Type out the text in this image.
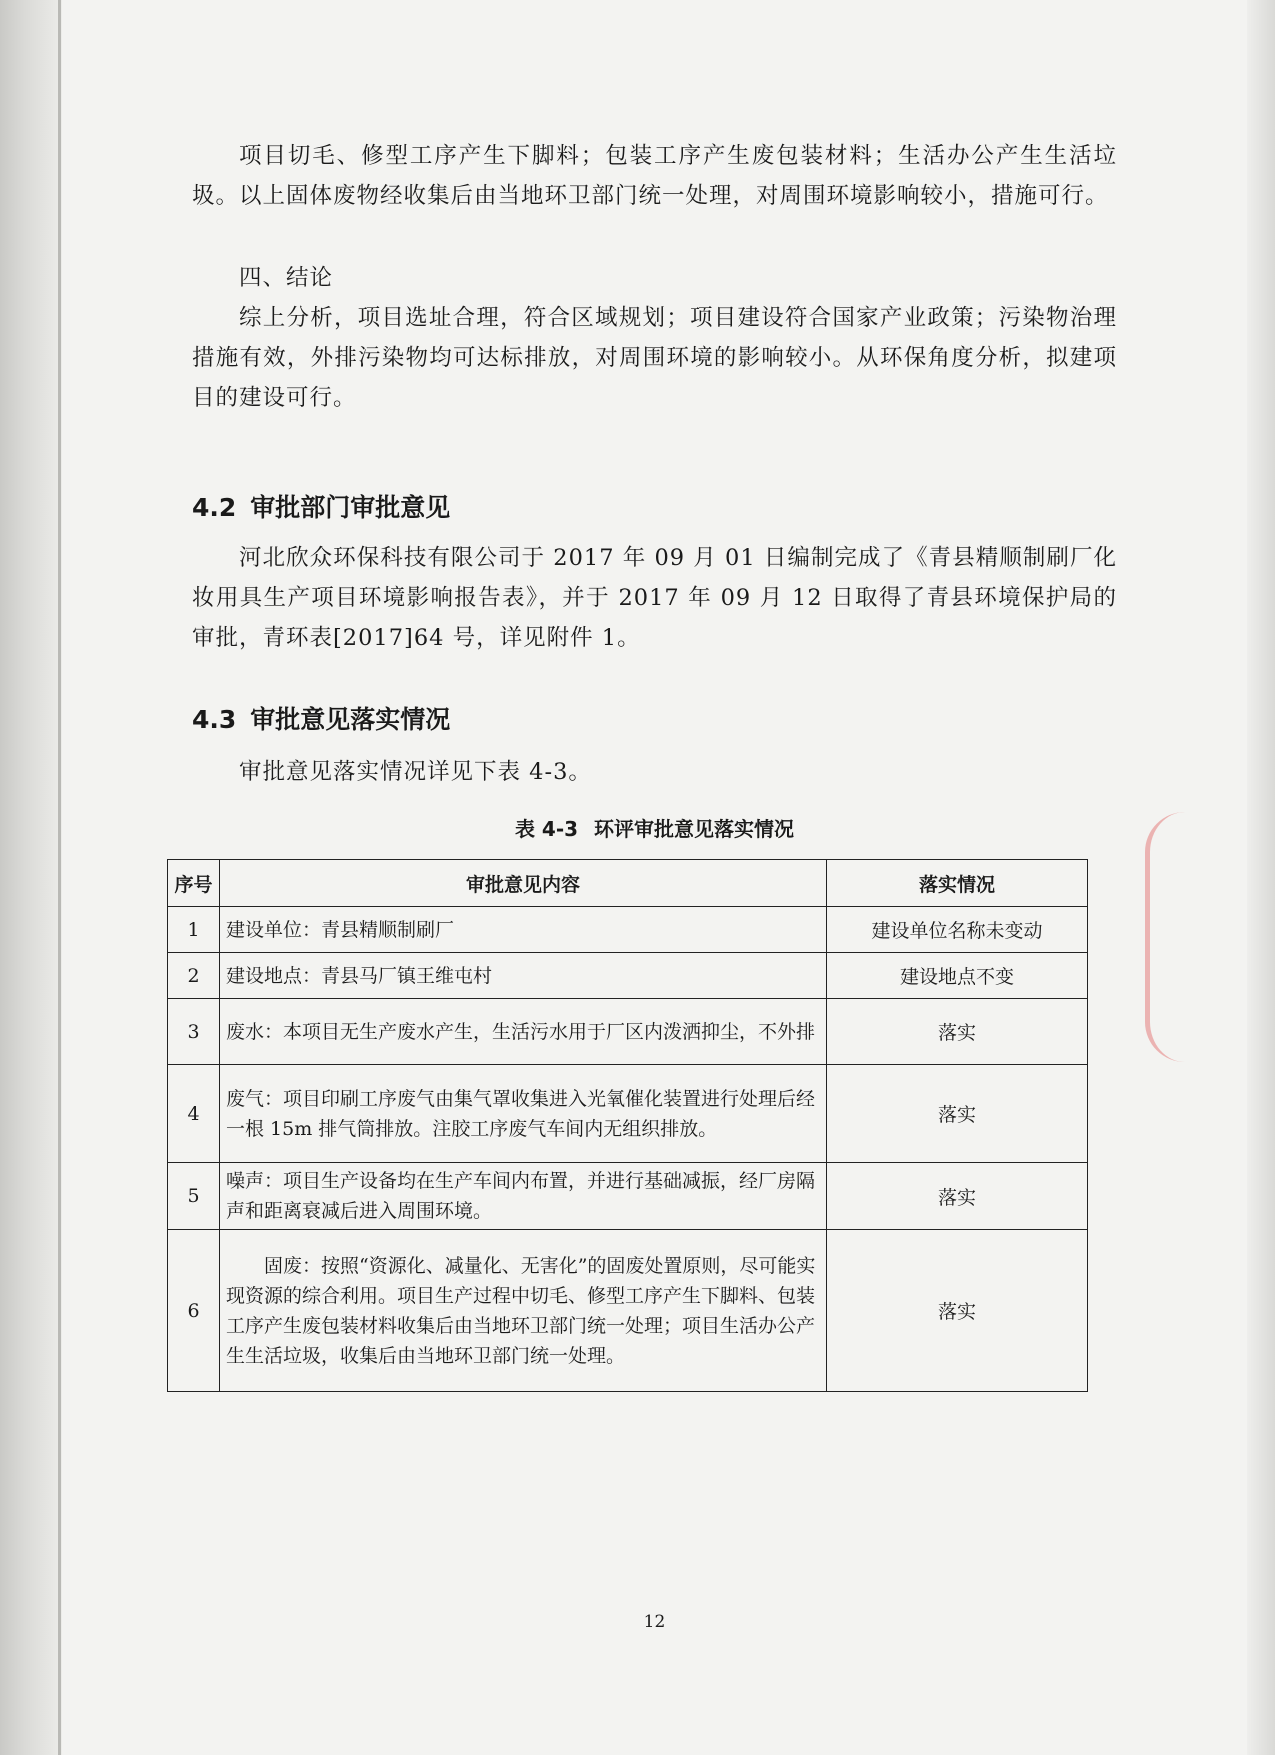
项目切毛、修型工序产生下脚料；包装工序产生废包装材料；生活办公产生生活垃圾。以上固体废物经收集后由当地环卫部门统一处理，对周围环境影响较小，措施可行。

四、结论

综上分析，项目选址合理，符合区域规划；项目建设符合国家产业政策；污染物治理措施有效，外排污染物均可达标排放，对周围环境的影响较小。从环保角度分析，拟建项目的建设可行。

4.2 审批部门审批意见

河北欣众环保科技有限公司于 2017 年 09 月 01 日编制完成了《青县精顺制刷厂化妆用具生产项目环境影响报告表》，并于 2017 年 09 月 12 日取得了青县环境保护局的审批，青环表[2017]64 号，详见附件 1。

4.3 审批意见落实情况

审批意见落实情况详见下表 4-3。

表 4-3 环评审批意见落实情况

序号	审批意见内容	落实情况
1	建设单位：青县精顺制刷厂	建设单位名称未变动
2	建设地点：青县马厂镇王维屯村	建设地点不变
3	废水：本项目无生产废水产生，生活污水用于厂区内泼洒抑尘，不外排	落实
4	废气：项目印刷工序废气由集气罩收集进入光氧催化装置进行处理后经一根 15m 排气筒排放。注胶工序废气车间内无组织排放。	落实
5	噪声：项目生产设备均在生产车间内布置，并进行基础减振，经厂房隔声和距离衰减后进入周围环境。	落实
6	固废：按照“资源化、减量化、无害化”的固废处置原则，尽可能实现资源的综合利用。项目生产过程中切毛、修型工序产生下脚料、包装工序产生废包装材料收集后由当地环卫部门统一处理；项目生活办公产生生活垃圾，收集后由当地环卫部门统一处理。	落实
12
